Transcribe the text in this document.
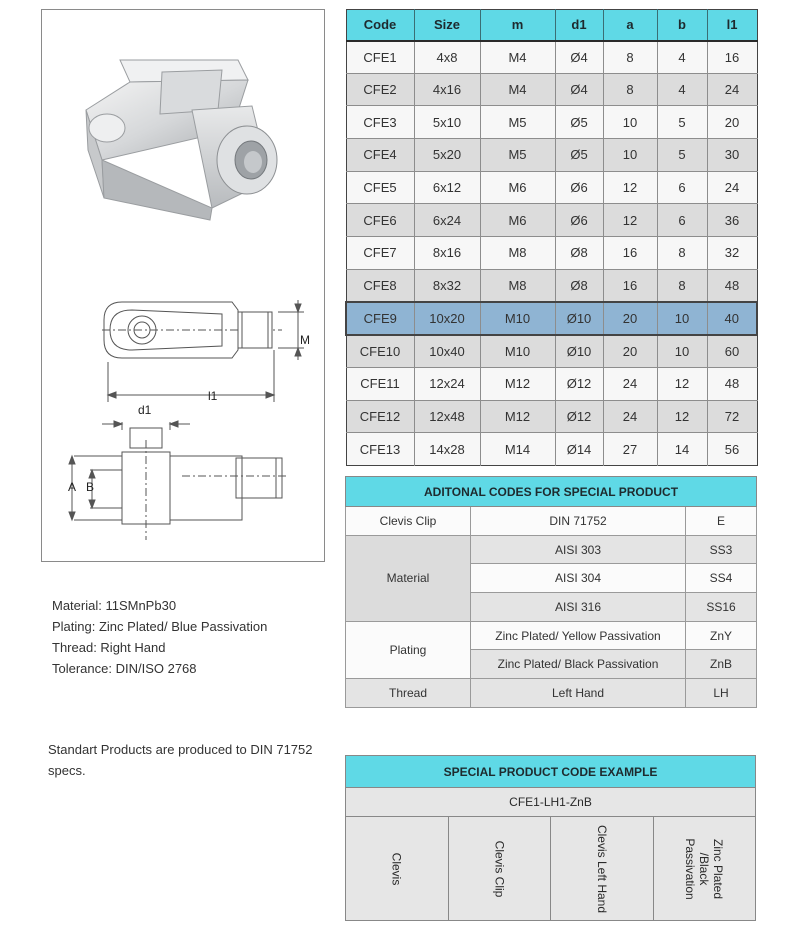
M
l1
d1
A B
Material: 11SMnPb30
Plating: Zinc Plated/ Blue Passivation
Thread: Right Hand
Tolerance: DIN/ISO 2768
Standart Products are produced to DIN 71752 specs.
Code	Size	m	d1	a	b	l1
CFE1	4x8	M4	Ø4	8	4	16
CFE2	4x16	M4	Ø4	8	4	24
CFE3	5x10	M5	Ø5	10	5	20
CFE4	5x20	M5	Ø5	10	5	30
CFE5	6x12	M6	Ø6	12	6	24
CFE6	6x24	M6	Ø6	12	6	36
CFE7	8x16	M8	Ø8	16	8	32
CFE8	8x32	M8	Ø8	16	8	48
CFE9	10x20	M10	Ø10	20	10	40
CFE10	10x40	M10	Ø10	20	10	60
CFE11	12x24	M12	Ø12	24	12	48
CFE12	12x48	M12	Ø12	24	12	72
CFE13	14x28	M14	Ø14	27	14	56
ADITONAL CODES FOR SPECIAL PRODUCT		
Clevis Clip	DIN 71752	E
Material	AISI 303	SS3
	AISI 304	SS4
	AISI 316	SS16
Plating	Zinc Plated/ Yellow Passivation	ZnY
	Zinc Plated/ Black Passivation	ZnB
Thread	Left Hand	LH
SPECIAL PRODUCT CODE EXAMPLE
CFE1-LH1-ZnB
Clevis	Clevis Clip	Clevis Left Hand	Zinc Plated /Black Passivation
